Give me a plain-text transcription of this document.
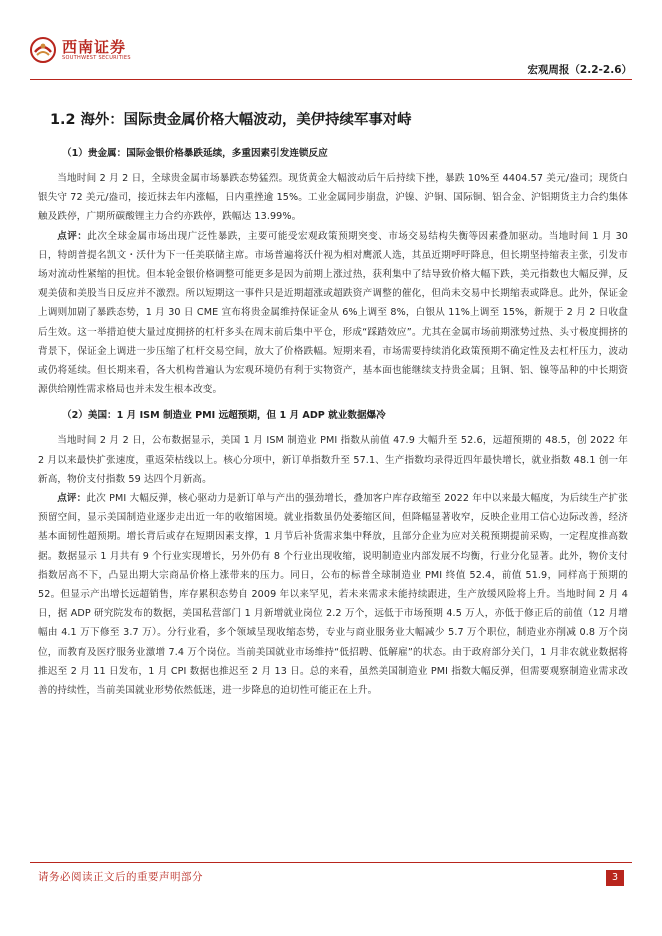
西南证券
SOUTHWEST SECURITIES
宏观周报（2.2-2.6）
1.2 海外：国际贵金属价格大幅波动，美伊持续军事对峙
（1）贵金属：国际金银价格暴跌延续，多重因素引发连锁反应

当地时间 2 月 2 日，全球贵金属市场暴跌态势猛烈。现货黄金大幅波动后午后持续下挫，暴跌 10%至 4404.57 美元/盎司；现货白银失守 72 美元/盎司，接近抹去年内涨幅，日内重挫逾 15%。工业金属同步崩盘，沪镍、沪铜、国际铜、铝合金、沪铝期货主力合约集体触及跌停，广期所碳酸锂主力合约亦跌停，跌幅达 13.99%。

点评：此次全球金属市场出现广泛性暴跌，主要可能受宏观政策预期突变、市场交易结构失衡等因素叠加驱动。当地时间 1 月 30 日，特朗普提名凯文・沃什为下一任美联储主席。市场普遍将沃什视为相对鹰派人选，其虽近期呼吁降息，但长期坚持缩表主张，引发市场对流动性紧缩的担忧。但本轮金银价格调整可能更多是因为前期上涨过热，获利集中了结导致价格大幅下跌，美元指数也大幅反弹，反观美债和美股当日反应并不激烈。所以短期这一事件只是近期超涨或超跌资产调整的催化，但尚未交易中长期缩表或降息。此外，保证金上调则加剧了暴跌态势，1 月 30 日 CME 宣布将贵金属维持保证金从 6%上调至 8%，白银从 11%上调至 15%，新规于 2 月 2 日收盘后生效。这一举措迫使大量过度拥挤的杠杆多头在周末前后集中平仓，形成“踩踏效应”。尤其在金属市场前期涨势过热、头寸极度拥挤的背景下，保证金上调进一步压缩了杠杆交易空间，放大了价格跌幅。短期来看，市场需要持续消化政策预期不确定性及去杠杆压力，波动或仍将延续。但长期来看，各大机构普遍认为宏观环境仍有利于实物资产，基本面也能继续支持贵金属；且铜、铝、镍等品种的中长期资源供给刚性需求格局也并未发生根本改变。

（2）美国：1 月 ISM 制造业 PMI 远超预期，但 1 月 ADP 就业数据爆冷

当地时间 2 月 2 日，公布数据显示，美国 1 月 ISM 制造业 PMI 指数从前值 47.9 大幅升至 52.6，远超预期的 48.5，创 2022 年 2 月以来最快扩张速度，重返荣枯线以上。核心分项中，新订单指数升至 57.1、生产指数均录得近四年最快增长，就业指数 48.1 创一年新高，物价支付指数 59 达四个月新高。

点评：此次 PMI 大幅反弹，核心驱动力是新订单与产出的强劲增长，叠加客户库存政缩至 2022 年中以来最大幅度，为后续生产扩张预留空间，显示美国制造业逐步走出近一年的收缩困境。就业指数虽仍处萎缩区间，但降幅显著收窄，反映企业用工信心边际改善，经济基本面韧性超预期。增长背后或存在短期因素支撑，1 月节后补货需求集中释放，且部分企业为应对关税预期提前采购，一定程度推高数据。数据显示 1 月共有 9 个行业实现增长，另外仍有 8 个行业出现收缩，说明制造业内部发展不均衡，行业分化显著。此外，物价支付指数居高不下，凸显出期大宗商品价格上涨带来的压力。同日，公布的标普全球制造业 PMI 终值 52.4，前值 51.9，同样高于预期的 52。但显示产出增长远超销售，库存累积态势自 2009 年以来罕见，若未来需求未能持续跟进，生产放缓风险将上升。当地时间 2 月 4 日，据 ADP 研究院发布的数据，美国私营部门 1 月新增就业岗位 2.2 万个，远低于市场预期 4.5 万人，亦低于修正后的前值（12 月增幅由 4.1 万下修至 3.7 万）。分行业看，多个领域呈现收缩态势，专业与商业服务业大幅减少 5.7 万个职位，制造业亦削减 0.8 万个岗位，而教育及医疗服务业激增 7.4 万个岗位。当前美国就业市场维持“低招聘、低解雇”的状态。由于政府部分关门，1 月非农就业数据将推迟至 2 月 11 日发布，1 月 CPI 数据也推迟至 2 月 13 日。总的来看，虽然美国制造业 PMI 指数大幅反弹，但需要观察制造业需求改善的持续性，当前美国就业形势依然低迷，进一步降息的迫切性可能正在上升。

请务必阅读正文后的重要声明部分	3
